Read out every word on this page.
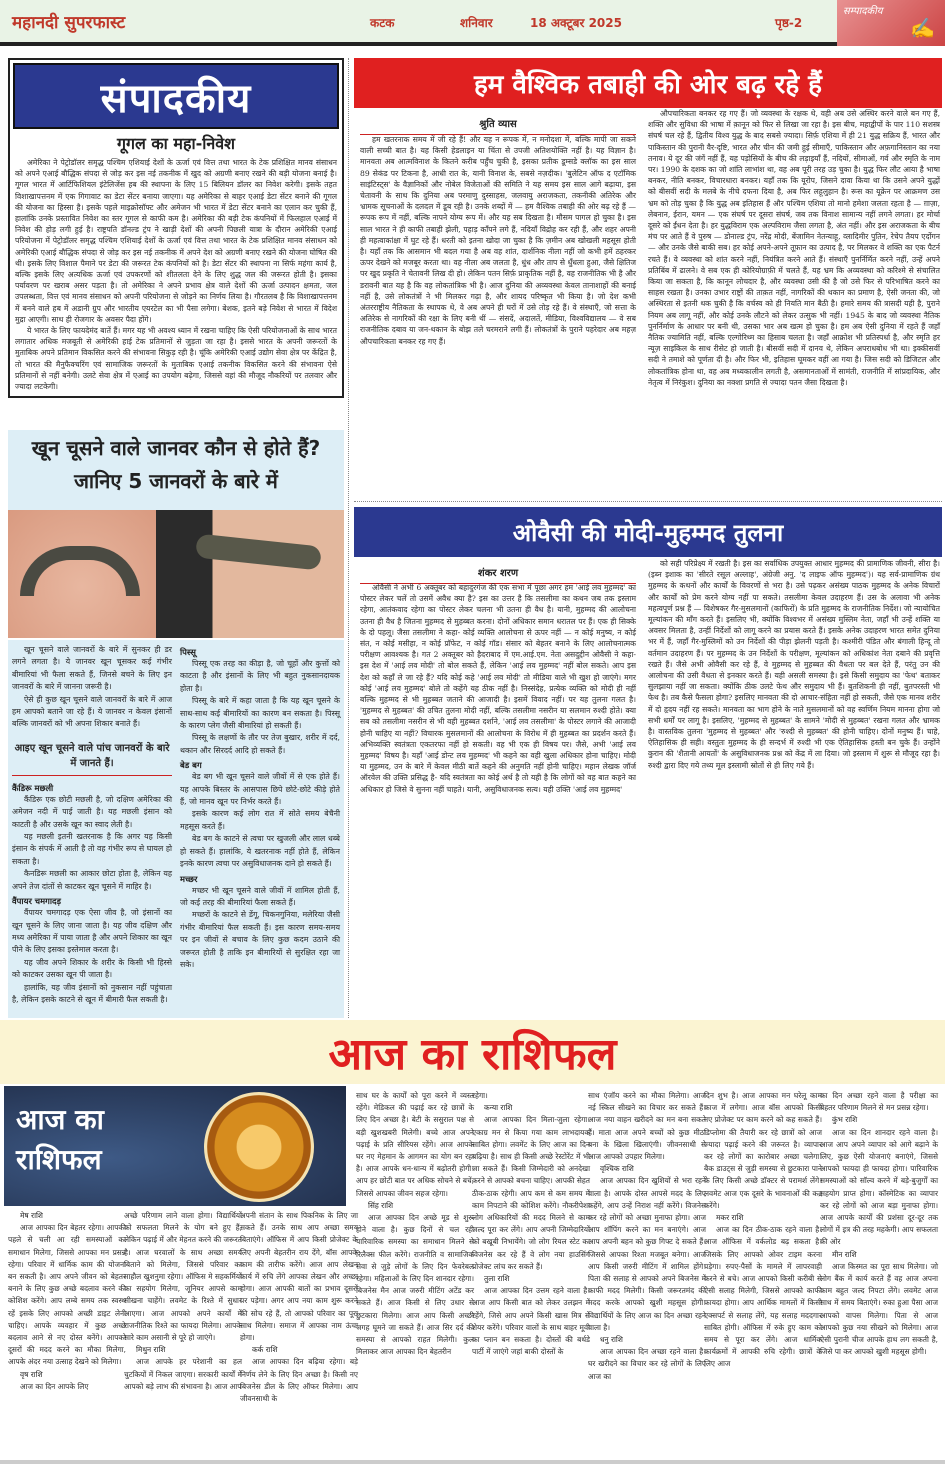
महानदी सुपरफास्ट	कटक	शनिवार	18 अक्टूबर 2025	पृष्ठ-2
सम्पादकीय
✍
संपादकीय
गूगल का महा-निवेश

अमेरिका ने पेट्रोडॉलर समृद्ध पश्चिम एशियाई देशों के ऊर्जा एवं वित्त तथा भारत के टेक प्रशिक्षित मानव संसाधन को अपने एआई बौद्धिक संपदा से जोड़ कर इस नई तकनीक में खुद को अग्रणी बनाए रखने की बड़ी योजना बनाई है। गूगल भारत में आर्टिफिशियल इंटेलिजेंस हब की स्थापना के लिए 15 बिलियन डॉलर का निवेश करेगी। इसके तहत विशाखापत्तनम में एक गिगावाट का डेटा सेंटर बनाया जाएगा। यह अमेरिका से बाहर एआई डेटा सेंटर बनाने की गूगल की योजना का हिस्सा है। इसके पहले माइक्रोसॉफ्ट और अमेजन भी भारत में डेटा सेंटर बनाने का एलान कर चुकी हैं, हालांकि उनके प्रस्तावित निवेश का स्तर गूगल से काफी कम है। अमेरिका की बड़ी टेक कंपनियों में फिलहाल एआई में निवेश की होड़ लगी हुई है। राष्ट्रपति डॉनल्ड ट्रंप ने खाड़ी देशों की अपनी पिछली यात्रा के दौरान अमेरिकी एआई परियोजना में पेट्रोडॉलर समृद्ध पश्चिम एशियाई देशों के ऊर्जा एवं वित्त तथा भारत के टेक प्रशिक्षित मानव संसाधन को अमेरिकी एआई बौद्धिक संपदा से जोड़ कर इस नई तकनीक में अपने देश को अग्रणी बनाए रखने की योजना घोषित की थी। इसके लिए विशाल पैमाने पर डेटा की जरूरत टेक कंपनियों को है। डेटा सेंटर की स्थापना ना सिर्फ महंगा कार्य है, बल्कि इसके लिए अत्यधिक ऊर्जा एवं उपकरणों को शीतलता देने के लिए शुद्ध जल की जरूरत होती है। इसका पर्यावरण पर खराब असर पड़ता है। तो अमेरिका ने अपने प्रभाव क्षेत्र वाले देशों की ऊर्जा उत्पादन क्षमता, जल उपलब्धता, वित्त एवं मानव संसाधन को अपनी परियोजना से जोड़ने का निर्णय लिया है। गौरतलब है कि विशाखापत्तनम में बनने वाले हब में अडानी ग्रुप और भारतीय एयरटेल का भी पैसा लगेगा। बेशक, इतने बड़े निवेश से भारत में विदेश मुद्रा आएगी। साथ ही रोजगार के अवसर पैदा होंगे।

ये भारत के लिए फायदेमंद बातें हैं। मगर यह भी अवश्य ध्यान में रखना चाहिए कि ऐसी परियोजनाओं के साथ भारत लगातार अधिक मजबूती से अमेरिकी हाई टेक प्रतिमानों से जुड़ता जा रहा है। इससे भारत के अपनी जरूरतों के मुताबिक अपने प्रतिमान विकसित करने की संभावना सिकुड़ रही है। चूंकि अमेरिकी एआई उद्योग सेवा क्षेत्र पर केंद्रित है, तो भारत की मैनुफैक्चरिंग एवं सामाजिक जरूरतों के मुताबिक एआई तकनीक विकसित करने की संभावना ऐसे प्रतिमानों से नहीं बनेगी। उलटे सेवा क्षेत्र में एआई का उपयोग बढ़ेगा, जिससे वहां की मौजूद नौकरियों पर तलवार और ज्यादा लटकेगी।

हम वैश्विक तबाही की ओर बढ़ रहे हैं
श्रुति व्यास

हम खतरनाक समय में जी रहे हैं! और यह न रूपक में, न मनोदशा में, बल्कि मापी जा सकने वाली सच्ची बात है। यह किसी हेडलाइन या चिंता से उपजी अतिशयोक्ति नहीं है। यह विज्ञान है। मानवता अब आत्मविनाश के कितने करीब पहुँच चुकी है, इसका प्रतीक डूम्सडे क्लॉक का इस साल 89 सेकंड पर टिकना है, आधी रात के, यानी विनाश के, सबसे नज़दीक। 'बुलेटिन ऑफ द एटॉमिक साइंटिस्ट्स' के वैज्ञानिकों और नोबेल विजेताओं की समिति ने यह समय इस साल आगे बढ़ाया, इस चेतावनी के साथ कि दुनिया अब परमाणु दुस्साहस, जलवायु अराजकता, तकनीकी अतिरेक और भ्रामक सूचनाओं के दलदल में डूब रही है। उनके शब्दों में — हम वैश्विक तबाही की ओर बढ़ रहे हैं — रूपक रूप में नहीं, बल्कि नापने योग्य रूप में। और यह सब दिखता है। मौसम पागल हो चुका है। इस साल भारत ने ही काफी तबाही झेली, पहाड़ काँपने लगे हैं, नदियाँ विद्रोह कर रही हैं, और शहर अपनी ही महत्वाकांक्षा में घुट रहे हैं। धरती को इतना खोदा जा चुका है कि ज़मीन अब खोखली महसूस होती है। यहाँ तक कि आसमान भी बदल गया है अब वह शांत, दार्शनिक नीला नहीं जो कभी हमें ठहरकर ऊपर देखने को मजबूर करता था। वह नीला अब जलता है, धुंध और ताप से धुँधला हुआ, जैसे क्षितिज पर खुद प्रकृति ने चेतावनी लिख दी हो। लेकिन पतन सिर्फ़ प्राकृतिक नहीं है, वह राजनीतिक भी है और डरावनी बात यह है कि वह लोकतांत्रिक भी है। आज दुनिया की अव्यवस्था केवल तानाशाहों की बनाई नहीं है, उसे लोकतंत्रों ने भी मिलकर गढ़ा है, और शायद परिष्कृत भी किया है। जो देश कभी अंतरराष्ट्रीय नैतिकता के स्थापक थे, वे अब अपने ही घरों में उसे तोड़ रहे हैं। वे संस्थाएँ, जो सत्ता के अतिरेक से नागरिकों की रक्षा के लिए बनी थीं — संसदें, अदालतें, मीडिया, विश्वविद्यालय — वे सब राजनीतिक दबाव या जन-थकान के बोझ तले चरमराने लगी हैं। लोकतंत्रों के पुराने पहरेदार अब महज़ औपचारिकता बनकर रह गए हैं।

औपचारिकता बनकर रह गए हैं। जो व्यवस्था के रक्षक थे, वही अब उसे अस्थिर करने वाले बन गए हैं, शक्ति और सुविधा की भाषा में क़ानून को फिर से लिखा जा रहा है। इस बीच, महाद्वीपों के पार 110 सशस्त्र संघर्ष चल रहे हैं, द्वितीय विश्व युद्ध के बाद सबसे ज्यादा। सिर्फ़ एशिया में ही 21 युद्ध सक्रिय हैं, भारत और पाकिस्तान की पुरानी वैर-दृष्टि, भारत और चीन की जमी हुई सीमाएँ, पाकिस्तान और अफ़गानिस्तान का नया तनाव। ये दूर की जंगें नहीं हैं, यह पड़ोसियों के बीच की लड़ाइयाँ हैं, नदियों, सीमाओं, गर्व और स्मृति के नाम पर। 1990 के दशक का जो शांति लाभांश था, वह अब पूरी तरह उड़ चुका है। युद्ध फिर लौट आया है भाषा बनकर, नीति बनकर, विचारधारा बनकर। यहाँ तक कि यूरोप, जिसने दावा किया था कि उसने अपने युद्धों को बीसवीं सदी के मलबे के नीचे दफना दिया है, अब फिर लहूलुहान है। रूस का यूक्रेन पर आक्रमण उस भ्रम को तोड़ चुका है कि युद्ध अब इतिहास हैं और पश्चिम एशिया तो मानो हमेशा जलता रहता है — ग़ाज़ा, लेबनान, ईरान, यमन — एक संघर्ष पर दूसरा संघर्ष, जब तक विनाश सामान्य नहीं लगने लगता। हर मोर्चा दूसरे को ईंधन देता है। हर युद्धविराम एक अल्पविराम जैसा लगता है, अंत नहीं। और इस अराजकता के बीच मंच पर आते हैं वे पुरुष — डोनाल्ड ट्रंप, नरेंद्र मोदी, बेंजामिन नेतन्याहू, व्लादिमीर पुतिन, रेचेप तैयप एर्दोगन — और उनके जैसे बाकी सब। हर कोई अपने-अपने तूफ़ान का उत्पाद है, पर मिलकर वे शक्ति का एक पैटर्न रचते हैं। वे व्यवस्था को शांत करने नहीं, नियंत्रित करने आते हैं। संस्थाएँ पुनर्निर्मित करने नहीं, उन्हें अपने प्रतिबिंब में ढालने। वे सब एक ही कोरियोग्राफ़ी में चलते हैं, यह भ्रम कि अव्यवस्था को करिश्मे से संचालित किया जा सकता है, कि कानून लोचदार है, और व्यवस्था उसी की है जो उसे फिर से परिभाषित करने का साहस रखता है। उनका उभार राष्ट्रों की ताक़त नहीं, नागरिकों की थकान का प्रमाण है, ऐसी जनता की, जो अस्थिरता से इतनी थक चुकी है कि वर्चस्व को ही नियति मान बैठी है। हमारे समय की त्रासदी यही है, पुराने नियम अब लागू नहीं, और कोई उनके लौटने को लेकर उत्सुक भी नहीं। 1945 के बाद जो व्यवस्था नैतिक पुनर्निर्माण के आधार पर बनी थी, उसका भार अब खत्म हो चुका है। हम अब ऐसी दुनिया में रहते हैं जहाँ नैतिक ज्यामिति नहीं, बल्कि एल्गोरिथ्म का हिसाब चलता है। जहाँ आक्रोश भी प्रतिस्पर्धा है, और स्मृति हर न्यूज़ साइकिल के साथ रीसेट हो जाती है। बीसवीं सदी में दानव थे, लेकिन अपराधबोध भी था। इक्कीसवीं सदी ने तमाशे को पूर्णता दी है। और फिर भी, इतिहास घूमकर वहीं आ गया है। जिस सदी को डिजिटल और लोकतांत्रिक होना था, वह अब मध्यकालीन लगती है, असमानताओं में सामंती, राजनीति में सांप्रदायिक, और नेतृत्व में निरंकुश। दुनिया का नक्शा प्रगति से ज्यादा पतन जैसा दिखता है।

ओवैसी की मोदी-मुहम्मद तुलना
शंकर शरण

ओवैसी ने अभी 6 अक्तूबर को बहादुरगंज की एक सभा में पूछा अगर हम 'आई लव मुहम्मद' का पोस्टर लेकर चलें तो उसमें अवैध क्या है? इस का उत्तर है कि तसलीमा का कथन जब तक इस्लाम रहेगा, आतंकवाद रहेगा का पोस्टर लेकर चलना भी उतना ही वैध है। यानी, मुहम्मद की आलोचना उतना ही वैध है जितना मुहम्मद से मुहब्बत करना। दोनों अधिकार समान धरातल पर हैं। एक ही सिक्के के दो पहलू। जैसा तसलीमा ने कहा- कोई व्यक्ति आलोचना से ऊपर नहीं — न कोई मनुष्य, न कोई संत, न कोई मसीहा, न कोई प्रॉफेट, न कोई गॉड। संसार को बेहतर बनाने के लिए आलोचनात्मक परीक्षण आवश्यक है। गत 2 अक्तूबर को हैदराबाद में एम.आई.एम. नेता असदुद्दीन ओवैसी ने कहा- इस देश में 'आई लव मोदी' तो बोल सकते हैं, लेकिन 'आई लव मुहम्मद' नहीं बोल सकते। आप इस देश को कहाँ ले जा रहे हैं? यदि कोई कहे 'आई लव मोदी' तो मीडिया वाले भी खुश हो जाएंगे। मगर कोई 'आई लव मुहम्मद' बोले तो कहेंगे यह ठीक नहीं है। निस्संदेह, प्रत्येक व्यक्ति को मोदी ही नहीं बल्कि मुहम्मद से भी मुहब्बत जताने की आजादी है। इसमें विवाद नहीं। पर यह तुलना गलत है। 'मुहम्मद से मुहब्बत' की उचित तुलना मोदी नहीं, बल्कि तसलीमा नसरीन या सलमान रुश्दी होते। क्या सब को तसलीमा नसरीन से भी वही मुहब्बत दर्शाने, 'आई लव तसलीमा' के पोस्टर लगाने की आजादी होनी चाहिए या नहीं? विचारक मुसलमानों की आलोचना के विरोध में ही मुहब्बत का प्रदर्शन करते हैं। अभिव्यक्ति स्वतंत्रता एकतरफा नहीं हो सकती। वह भी एक ही विषय पर। जैसे, अभी 'आई लव मुहम्मद' विषय है। यहाँ 'आई डोन्ट लव मुहम्मद' भी कहने का वही खुला अधिकार होना चाहिए। मोदी या मुहम्मद, उन के बारे में केवल मीठी बातें कहने की अनुमति नहीं होनी चाहिए। महान लेखक जॉर्ज ऑरवेल की उक्ति प्रसिद्ध है- यदि स्वतंत्रता का कोई अर्थ है तो यही है कि लोगों को वह बात कहने का अधिकार हो जिसे वे सुनना नहीं चाहते। यानी, असुविधाजनक सत्य। यही उक्ति 'आई लव मुहम्मद'

को सही परिप्रेक्ष्य में रखती है। इस का सर्वाधिक उपयुक्त आधार मुहम्मद की प्रामाणिक जीवनी, सीरा है। (इब्न इशाक का 'सीरते रसूल अल्लाह', अंग्रेजी अनु. 'द लाइफ ऑफ मुहम्मद')। यह सर्व-प्रामाणिक ग्रंथ मुहम्मद के कथनों और कार्यों के विवरणों से भरा है। उसे पढ़कर असंख्य पाठक मुहम्मद के अनेक विचारों और कार्यों को प्रेम करने योग्य नहीं पा सकते। तसलीमा केवल उदाहरण हैं। उस के अलावा भी अनेक महत्वपूर्ण प्रश्न हैं — विशेषकर गैर-मुसलमानों (काफिरों) के प्रति मुहम्मद के राजनीतिक निर्देश। जो न्यायोचित मूल्यांकन की माँग करते हैं। इसलिए भी, क्योंकि विश्वभर में असंख्य मुस्लिम नेता, जहाँ भी उन्हें शक्ति या अवसर मिलता है, उन्हीं निर्देशों को लागू करने का प्रयास करते हैं। इसके अनेक उदाहरण भारत समेत दुनिया भर में हैं, जहाँ गैर-मुस्लिमों को उन निर्देशों की पीड़ा झेलनी पड़ती है। कश्मीरी पंडित और बंगाली हिन्दू तो वर्तमान उदाहरण हैं। पर मुहम्मद के उन निर्देशों के परीक्षण, मूल्यांकन को अधिकांश नेता दबाने की प्रवृत्ति रखते हैं। जैसे अभी ओवैसी कर रहे हैं, वे मुहम्मद से मुहब्बत की वैधता पर बल देते हैं, परंतु उन की आलोचना की उसी वैधता से इनकार करते हैं। यही असली समस्या है। इसे किसी समुदाय का 'फेथ' बताकर सुलझाया नहीं जा सकता। क्योंकि ठीक उलटे फेथ और समुदाय भी हैं। बुतशिकनी ही नहीं, बुतपरस्ती भी फेथ है। तब कैसे फैसला होगा? इसलिए मानवता की दो आचार-संहिता नहीं हो सकती, जैसे एक मानव शरीर में दो हृदय नहीं रह सकते। मानवता का भाग होने के नाते मुसलमानों को वह स्वर्णिम नियम मानना होगा जो सभी धर्मों पर लागू है। इसलिए, 'मुहम्मद से मुहब्बत' के सामने 'मोदी से मुहब्बत' रखना गलत और भ्रामक है। वास्तविक तुलना 'मुहम्मद से मुहब्बत' और 'रुश्दी से मुहब्बत' की होनी चाहिए। दोनों मनुष्य हैं। चाहे, ऐतिहासिक ही सही। वस्तुतः मुहम्मद के ही सन्दर्भ में रुश्दी भी एक ऐतिहासिक हस्ती बन चुके हैं। उन्होंने कुरान की 'शैतानी आयतों' के असुविधाजनक प्रश्न को केंद्र में ला दिया। जो इस्लाम में शुरू से मौजूद रहा है। रुश्दी द्वारा दिए गये तथ्य मूल इस्लामी स्रोतों से ही लिए गये हैं।

खून चूसने वाले जानवर कौन से होते हैं?
जानिए 5 जानवरों के बारे में

खून चूसने वाले जानवरों के बारे में सुनकर ही डर लगने लगता है। ये जानवर खून चूसकर कई गंभीर बीमारियां भी फैला सकते हैं, जिनसे बचने के लिए इन जानवरों के बारे में जानना जरूरी है।

ऐसे ही कुछ खून चूसने वाले जानवरों के बारे में आज हम आपको बताने जा रहे हैं। ये जानवर न केवल इंसानों बल्कि जानवरों को भी अपना शिकार बनाते हैं।

आइए खून चूसने वाले पांच जानवरों के बारे में जानते हैं।
कैंडिरू मछली

कैंडिरू एक छोटी मछली है, जो दक्षिण अमेरिका की अमेजन नदी में पाई जाती है। यह मछली इंसान को काटती है और उसके खून का स्वाद लेती है।

यह मछली इतनी खतरनाक है कि अगर यह किसी इंसान के संपर्क में आती है तो वह गंभीर रूप से घायल हो सकता है।

कैनडिरू मछली का आकार छोटा होता है, लेकिन यह अपने तेज दांतों से काटकर खून चूसने में माहिर है।

वैंपायर चमगादड़

वैंपायर चमगादड़ एक ऐसा जीव है, जो इंसानों का खून चूसने के लिए जाना जाता है। यह जीव दक्षिण और मध्य अमेरिका में पाया जाता है और अपने शिकार का खून पीने के लिए इसका इस्तेमाल करता है।

यह जीव अपने शिकार के शरीर के किसी भी हिस्से को काटकर उसका खून पी जाता है।

हालांकि, यह जीव इंसानों को नुकसान नहीं पहुंचाता है, लेकिन इसके काटने से खून में बीमारी फैल सकती है।

पिस्सू

पिस्सू एक तरह का कीड़ा है, जो चूहों और कुत्तों को काटता है और इंसानों के लिए भी बहुत नुकसानदायक होता है।

पिस्सू के बारे में कहा जाता है कि यह खून चूसने के साथ-साथ कई बीमारियों का कारण बन सकता है। पिस्सू के कारण प्लेग जैसी बीमारियां हो सकती हैं।

पिस्सू के लक्षणों के तौर पर तेज बुखार, शरीर में दर्द, थकान और सिरदर्द आदि हो सकते हैं।

बेड बग

बेड बग भी खून चूसने वाले जीवों में से एक होते हैं। यह आपके बिस्तर के आसपास छिपे छोटे-छोटे कीड़े होते हैं, जो मानव खून पर निर्भर करते हैं।

इसके कारण कई लोग रात में सोते समय बेचैनी महसूस करते हैं।

बेड बग के काटने से त्वचा पर खुजली और लाल धब्बे हो सकते हैं। हालांकि, ये खतरनाक नहीं होते हैं, लेकिन इनके कारण त्वचा पर असुविधाजनक दाने हो सकते हैं।

मच्छर

मच्छर भी खून चूसने वाले जीवों में शामिल होती हैं, जो कई तरह की बीमारियां फैला सकते हैं।

मच्छरों के काटने से डेंगू, चिकनगुनिया, मलेरिया जैसी गंभीर बीमारियां फैल सकती हैं। इस कारण समय-समय पर इन जीवों से बचाव के लिए कुछ कदम उठाने की जरूरत होती है ताकि इन बीमारियों से सुरक्षित रहा जा सके।

आज का राशिफल
आज का
राशिफल

मेष राशि

आज आपका दिन बेहतर रहेगा। आपकी पहले से चली आ रही समस्याओं का समाधान मिलेगा, जिससे आपका मन प्रसन्न रहेगा। परिवार में धार्मिक काम की योजना बन सकती है। आप अपने जीवन को बेहतर बनाने के लिए कुछ अच्छे बदलाव करने की कोशिश करेंगे। आप लम्बे समय तक स्वस्थ रहें इसके लिए आपको अच्छी डाइट लेनी चाहिए। आपके व्यवहार में कुछ अच्छे बदलाव आने से नए दोस्त बनेंगे। आपको दूसरों की मदद करने का मौका मिलेगा, आपके अंदर नया उत्साह देखने को मिलेगा।

वृष राशि

आज का दिन आपके लिए

अच्छे परिणाम लाने वाला होगा। विद्यार्थियों को सफलता मिलने के योग बने हुए हैं, लेकिन पढ़ाई में और मेहनत करने की जरूरत है। आज घरवालों के साथ अच्छा समय बिताने को मिलेगा, जिससे परिवार का माहौल खुशनुमा रहेगा। ऑफिस मे सहकर्मियों का सहयोग मिलेगा, जूनियर आपसे काम सीखना चाहेंगे। लवमेट के रिश्ते में सुधार आएगा। आज आपको अपने कार्यों में राजनीतिक रिश्ते का फायदा मिलेगा। आपके सारे काम असानी से पूरे हो जाएंगे।

मिथुन राशि

आज आपके हर परेशानी का हल चुटकियों में निकल जाएगा। सरकारी कार्यों में आपको बड़े लाभ की संभावना है। आज आप

अपनी संतान के साथ पिकनिक के लिए जा सकते हैं। उनके साथ आप अच्छा समय बिताएंगे। ऑफिस में आप किसी प्रोजेक्ट के लिए अपनी बेहतरीन राय देंगे, बॉस आपके काम की तारीफ करेंगे। आज आप लेखन कार्य में रुचि लेंगे आपका लेखन और अच्छा होगा। आज आपकी बातों का प्रभाव दूसरों पर पड़ेगा। अगर आप नया काम शुरू करने की सोच रहे हैं, तो आपको परिवार का पूरा साथ मिलेगा। समाज में आपका नाम ऊंचा होगा।

कर्क राशि

आज आपका दिन बढ़िया रहेगा। बड़े निर्णय लेने के लिए दिन अच्छा है। किसी नए बिजनेस डील के लिए ऑफर मिलेगा। आप जीवनसाथी के

साथ घर के कार्यों को पूरा करने में व्यस्त रहेंगे। मेडिकल की पढ़ाई कर रहे छात्रों के लिए दिन अच्छा है। बेटी के ससुराल पक्ष से बड़ी खुशखबरी मिलेगी। बच्चे आज अपने पढ़ाई के प्रति सीरियस रहेंगे। आज आपके घर नए मेहमान के आगमन का योग बन रहा है। आज आपके धन-धान्य में बढ़ोतरी होगी। आप हर छोटी बात पर अधिक सोचने से बचें, जिससे आपका जीवन सहज रहेगा।

सिंह राशि

आज आपका दिन अच्छे मूड से शुरू होने वाला है। कुछ दिनों से चल रही पारिवारिक समस्या का समाधान मिलने से रिलैक्स फील करेंगे। राजनीति व सामाजिक सेवा से जुड़े लोगों के लिए दिन फेवरेबल रहेगा। महिलाओं के लिए दिन शानदार रहेगा। बिजनेस मैन आज जरुरी मीटिंग अटेंड कर सकते हैं। आज किसी से लिए उधार से छुटकारा मिलेगा। आज आप किसी अच्छी जगह घूमने जा सकते हैं। आज सिर दर्द की समस्या से आपको राहत मिलेगी। कुल मिलाकर आज आपका दिन बेहतरीन

रहेगा।

कन्या राशि

आज आपका दिन मिला-जुला रहेगा। एकाग्र मन से किया गया काम लाभदायक साबित होगा। लवमेंट के लिए आज का दिन बढ़िया है। साथ ही किसी अच्छे रेस्टोरेंट में भी जा सकते हैं। किसी जिम्मेदारी को अनदेखा करने से आपको बचना चाहिए। आपकी सेहत ठीक-ठाक रहेगी। आप कम से कम समय में काम निपटाने की कोशिश करेंगे। नौकरीपेशा लोग अधिकारियों की मदद मिलने से काम जल्द पूरा कर लेंगे। आप अपनी जिम्मेदारियों को बखूबी निभायेंगे। जो लोग रियल स्टेट का विजनेस कर रहे हैं वे लोग नया हाउसिंग प्रोजेक्ट लांच कर सकते हैं।

तुला राशि

आज आपका दिन उत्तम रहने वाला है। आज आप किसी बात को लेकर उलझन में रहेंगे, जिसे आप अपने किसी खास मित्र से शेयर करेंगे। परिवार वालों के साथ बाहर मूवी का प्लान बन सकता है। दोस्तों की बर्थडे पार्टी में जाएंगे जहां बाकी दोस्तों के

साथ एंजॉय करने का मौका मिलेगा। आज नई स्किल सीखने का विचार कर सकते हैं। आज नया वाहन खरीदने का मन बना सकते हैं। माता आज अपने बच्चों को कुछ मीठा बना के खिला खिलाएंगी। जीवनसाथी से आज आपको उपहार मिलेगा।

वृश्चिक राशि

आज आपका दिन खुशियों से भरा रहने वाला है। आपके दोस्त आपसे मदद के लिए कहेंगे, आप उन्हें निराश नहीं करेंगे। विजनेस कर रहे लोगों को अच्छा मुनाफा होगा। आज आप शॉपिंग करने का मन बनाएंगे। आज आप अपनी बहन को कुछ गिफ्ट दे सकते हैं। जिससे आपका रिश्ता मजबूत बनेगा। आज आप किसी जरुरी मीटिंग में शामिल होंगे। पिता की सलाह से आपको अपने बिजनेस में काफी मदद मिलेगी। किसी जरूरतमंद की मदद करके आपको खुशी महसूस होगी। विद्यार्थियों के लिए आज का दिन अच्छा रहने वाला है।

धनु राशि

आज आपका दिन अच्छा रहने वाला है। घर खरीदने का विचार कर रहे लोगों के लिए आज का

दिन शुभ है। आज आपका मन घरेलू काम काज में लगेगा। आज बॉस आपको किसी नए प्रोजेक्ट पर काम करने को कह सकते हैं। डिप्लोमा की तैयारी कर रहे छात्रों को आज ज्यादा पढ़ाई करने की जरूरत है। व्यापार कर रहे लोगों का कारोबार अच्छा चलेगा। बैक डाउट्स से जुड़ी समस्या से छुटकारा पाने के लिए किसी अच्छे डॉक्टर से परामर्श लेंगे। लवमेट आज एक दूसरे के भावनाओं की कद्र करेंगे।

मकर राशि

आज का दिन ठीक-ठाक रहने वाला है। आज ऑफिस में वर्कलोड बढ़ सकता है। जिसके लिए आपको ओवर टाइम करना पड़ेगा। रुपए-पैसों के मामले में लापरवाही करने से बचे। आज आपको किसी करीबी से ऐसी सलाह मिलेगी, जिससे आपको काफी फायदा होगा। आप आर्थिक मामलों में किसी एक्सपर्ट से सलाह लेंगे, यह सलाह मददगार साबित होगी। ऑफिस में रुके हुए काम को समय से पूरा कर लेंगे। आज धार्मिक कार्यक्रमों में आपकी रुचि रहेगी। छात्रों के लिए आज

का दिन अच्छा रहने वाला है परीक्षा का बेहतर परिणाम मिलने से मन प्रसन्न रहेगा।

कुंभ राशि

आज का दिन शानदार रहने वाला है। आज आप अपने व्यापार को आगे बढ़ाने के लिए, कुछ ऐसी योजनाएं बनाएंगे, जिससे आपको फायदा ही फायदा होगा। पारिवारिक समस्याओं को सॉल्व करने में बड़े-बुजुर्गों का सहयोग प्राप्त होगा। कॉस्मेटिक का व्यापार कर रहे लोगों को आज बड़ा मुनाफा होगा। आज आपके कार्यों की प्रशंसा दूर-दूर तक लोगों में इत्र की तरह महकेगी। आप सफलता की ओर

मीन राशि

आज किस्मत का पूरा साथ मिलेगा। जो लोग बैंक में कार्य करते हैं वह आज अपना काम बहुत जल्द निपटा लेंगे। लवमेट आज साथ में समय बिताएंगे। रुका हुआ पैसा आज आपको वापस मिलेगा। पिता से आज आपको कुछ नया सीखने को मिलेगा। आज ऐसी पुरानी चीज आपके हाथ लग सकती है, जिसे पा कर आपको खुशी महसूस होगी।
